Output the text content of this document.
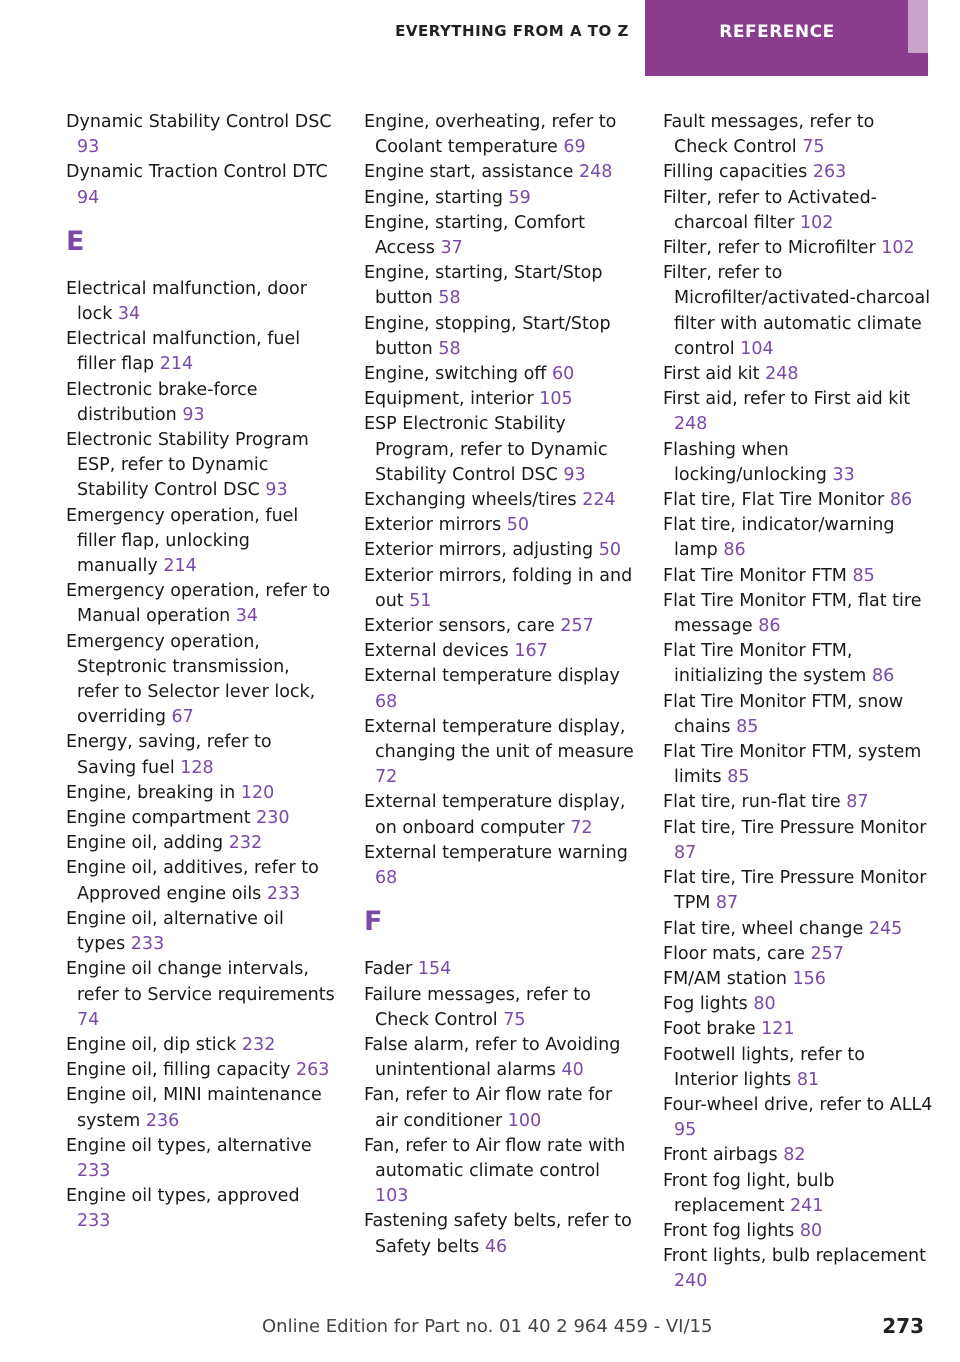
EVERYTHING FROM A TO Z	REFERENCE
Dynamic Stability Control DSC 93
Dynamic Traction Control DTC 94
E
Electrical malfunction, door lock 34
Electrical malfunction, fuel filler flap 214
Electronic brake-force distribution 93
Electronic Stability Program ESP, refer to Dynamic Stability Control DSC 93
Emergency operation, fuel filler flap, unlocking manually 214
Emergency operation, refer to Manual operation 34
Emergency operation, Steptronic transmission, refer to Selector lever lock, overriding 67
Energy, saving, refer to Saving fuel 128
Engine, breaking in 120
Engine compartment 230
Engine oil, adding 232
Engine oil, additives, refer to Approved engine oils 233
Engine oil, alternative oil types 233
Engine oil change intervals, refer to Service requirements 74
Engine oil, dip stick 232
Engine oil, filling capacity 263
Engine oil, MINI maintenance system 236
Engine oil types, alternative 233
Engine oil types, approved 233
Engine, overheating, refer to Coolant temperature 69
Engine start, assistance 248
Engine, starting 59
Engine, starting, Comfort Access 37
Engine, starting, Start/Stop button 58
Engine, stopping, Start/Stop button 58
Engine, switching off 60
Equipment, interior 105
ESP Electronic Stability Program, refer to Dynamic Stability Control DSC 93
Exchanging wheels/tires 224
Exterior mirrors 50
Exterior mirrors, adjusting 50
Exterior mirrors, folding in and out 51
Exterior sensors, care 257
External devices 167
External temperature display 68
External temperature display, changing the unit of measure 72
External temperature display, on onboard computer 72
External temperature warning 68
F
Fader 154
Failure messages, refer to Check Control 75
False alarm, refer to Avoiding unintentional alarms 40
Fan, refer to Air flow rate for air conditioner 100
Fan, refer to Air flow rate with automatic climate control 103
Fastening safety belts, refer to Safety belts 46
Fault messages, refer to Check Control 75
Filling capacities 263
Filter, refer to Activated-charcoal filter 102
Filter, refer to Microfilter 102
Filter, refer to Microfilter/activated-charcoal filter with automatic climate control 104
First aid kit 248
First aid, refer to First aid kit 248
Flashing when locking/unlocking 33
Flat tire, Flat Tire Monitor 86
Flat tire, indicator/warning lamp 86
Flat Tire Monitor FTM 85
Flat Tire Monitor FTM, flat tire message 86
Flat Tire Monitor FTM, initializing the system 86
Flat Tire Monitor FTM, snow chains 85
Flat Tire Monitor FTM, system limits 85
Flat tire, run-flat tire 87
Flat tire, Tire Pressure Monitor 87
Flat tire, Tire Pressure Monitor TPM 87
Flat tire, wheel change 245
Floor mats, care 257
FM/AM station 156
Fog lights 80
Foot brake 121
Footwell lights, refer to Interior lights 81
Four-wheel drive, refer to ALL4 95
Front airbags 82
Front fog light, bulb replacement 241
Front fog lights 80
Front lights, bulb replacement 240
Online Edition for Part no. 01 40 2 964 459 - VI/15	273
